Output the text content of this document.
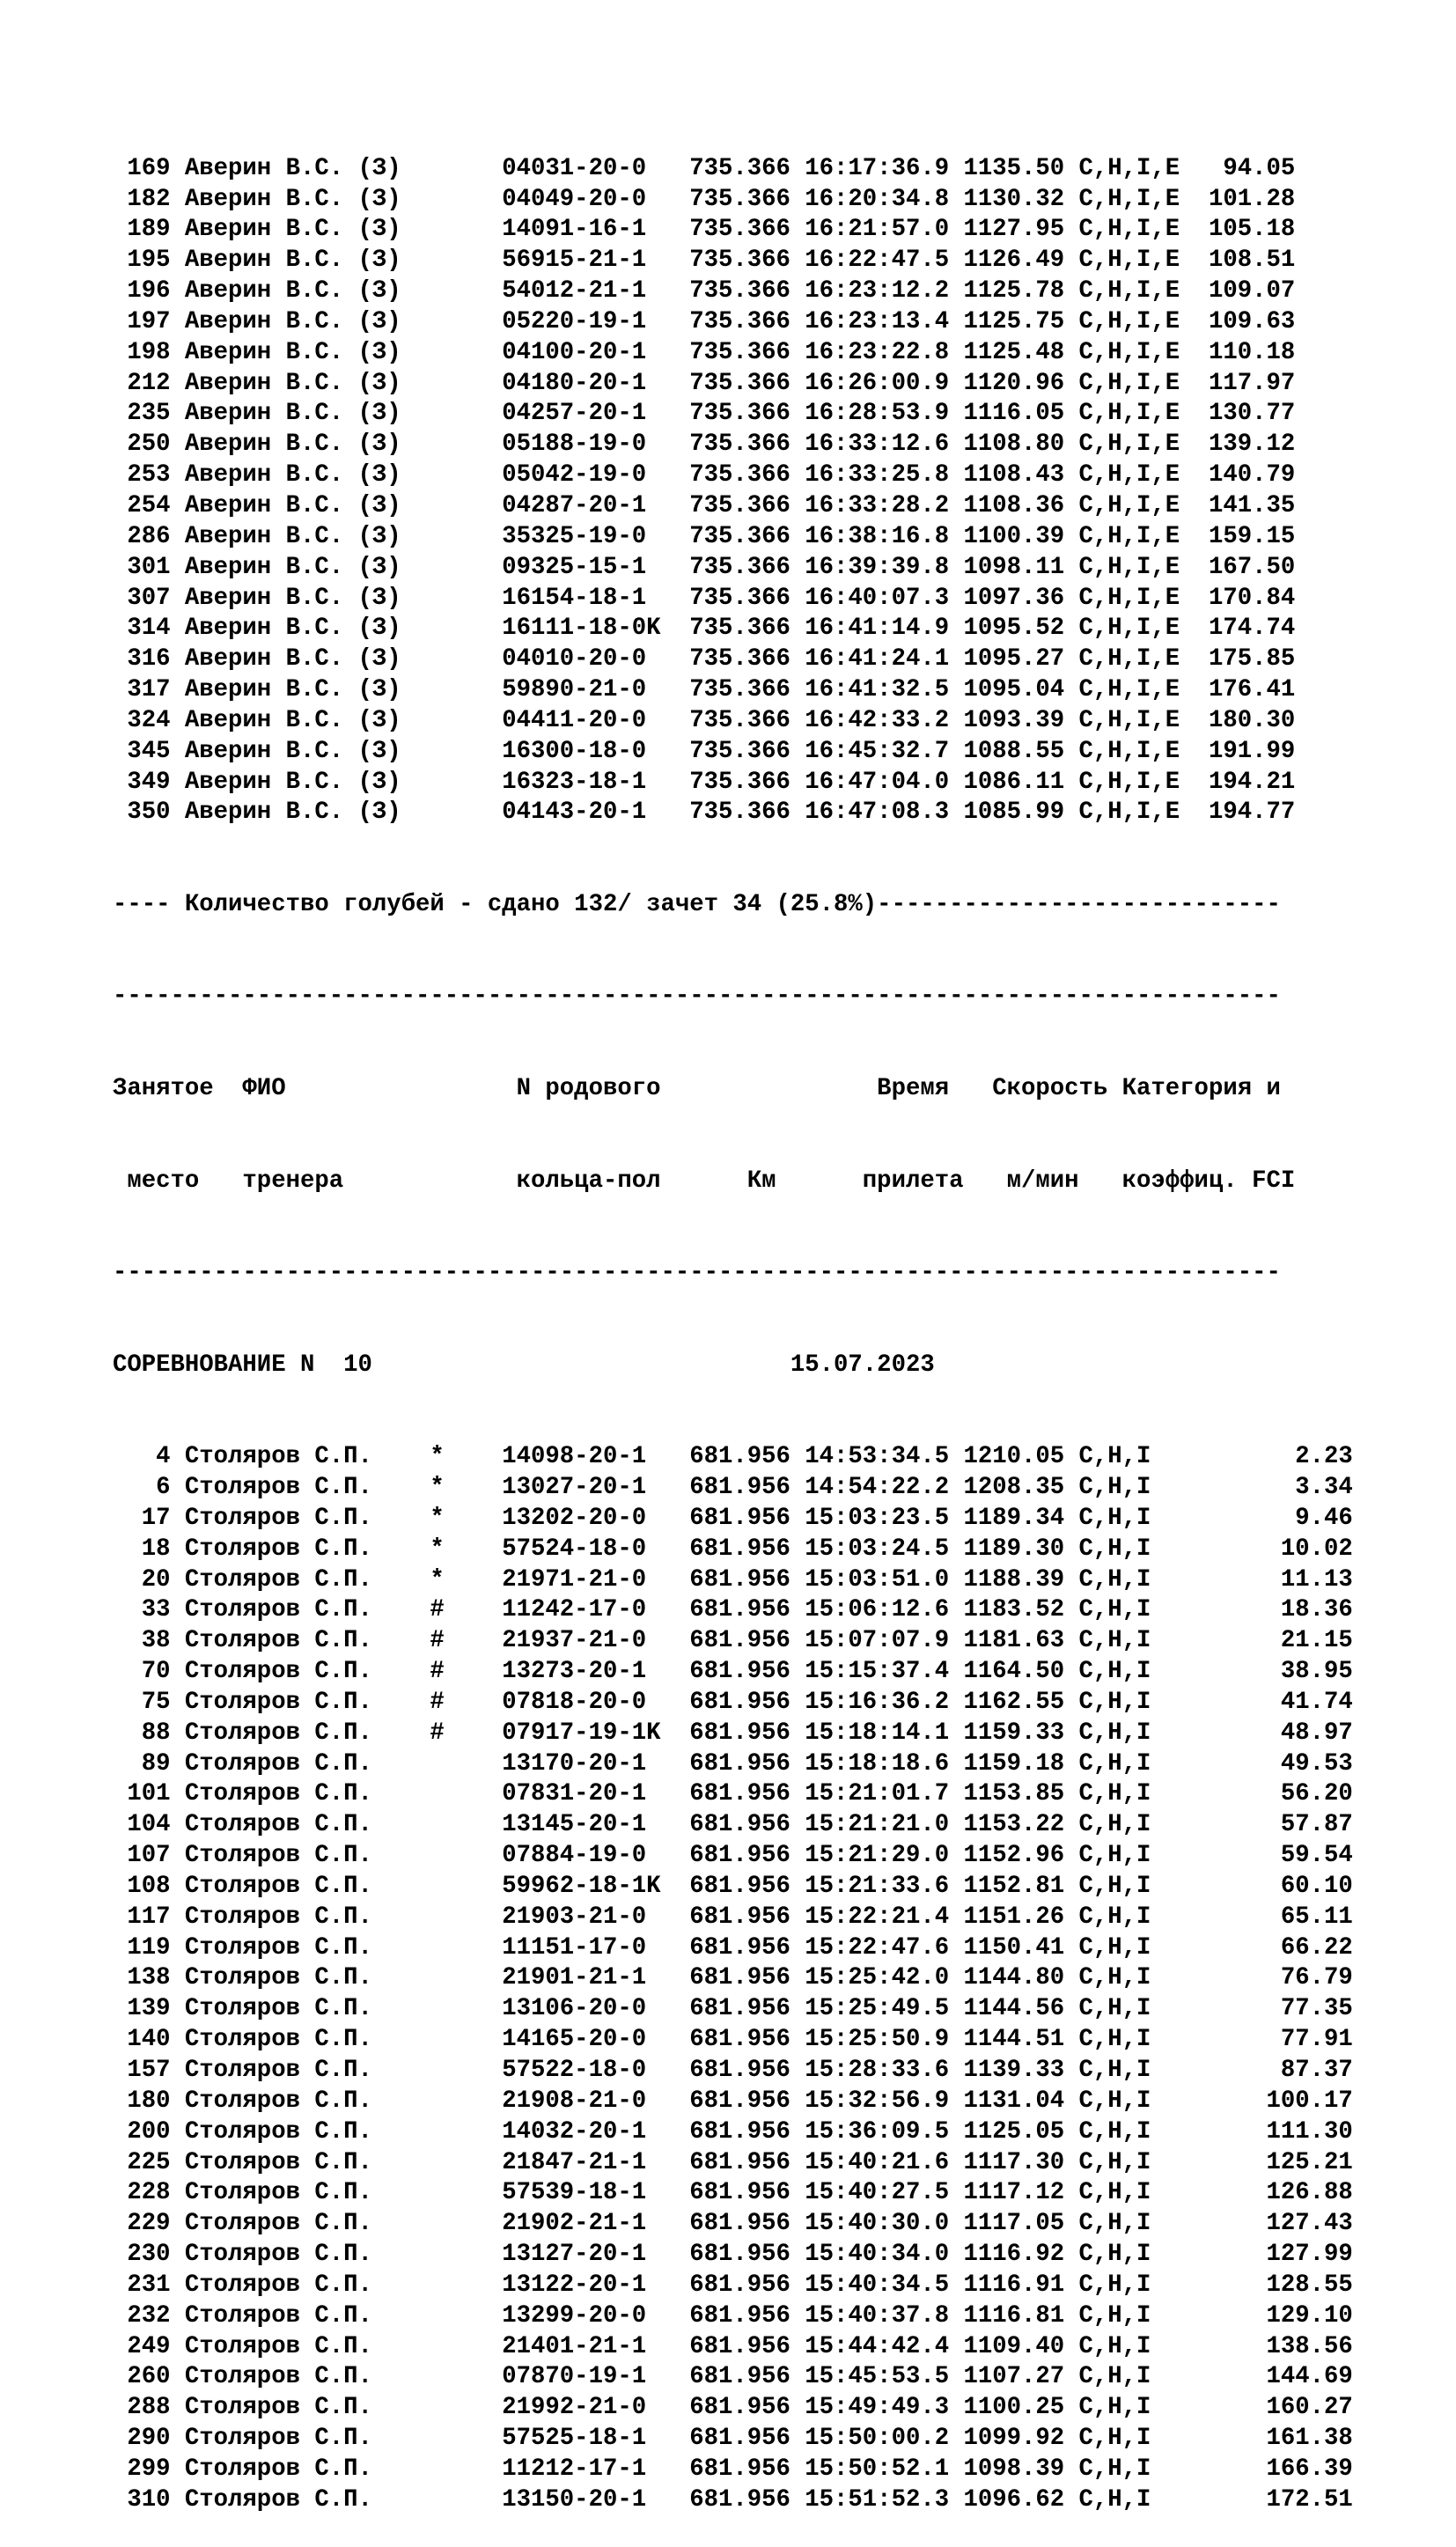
169 Аверин В.С. (З)       04031-20-0   735.366 16:17:36.9 1135.50 C,H,I,E   94.05
182 Аверин В.С. (З)       04049-20-0   735.366 16:20:34.8 1130.32 C,H,I,E  101.28
189 Аверин В.С. (З)       14091-16-1   735.366 16:21:57.0 1127.95 C,H,I,E  105.18
195 Аверин В.С. (З)       56915-21-1   735.366 16:22:47.5 1126.49 C,H,I,E  108.51
196 Аверин В.С. (З)       54012-21-1   735.366 16:23:12.2 1125.78 C,H,I,E  109.07
197 Аверин В.С. (З)       05220-19-1   735.366 16:23:13.4 1125.75 C,H,I,E  109.63
198 Аверин В.С. (З)       04100-20-1   735.366 16:23:22.8 1125.48 C,H,I,E  110.18
212 Аверин В.С. (З)       04180-20-1   735.366 16:26:00.9 1120.96 C,H,I,E  117.97
235 Аверин В.С. (З)       04257-20-1   735.366 16:28:53.9 1116.05 C,H,I,E  130.77
250 Аверин В.С. (З)       05188-19-0   735.366 16:33:12.6 1108.80 C,H,I,E  139.12
253 Аверин В.С. (З)       05042-19-0   735.366 16:33:25.8 1108.43 C,H,I,E  140.79
254 Аверин В.С. (З)       04287-20-1   735.366 16:33:28.2 1108.36 C,H,I,E  141.35
286 Аверин В.С. (З)       35325-19-0   735.366 16:38:16.8 1100.39 C,H,I,E  159.15
301 Аверин В.С. (З)       09325-15-1   735.366 16:39:39.8 1098.11 C,H,I,E  167.50
307 Аверин В.С. (З)       16154-18-1   735.366 16:40:07.3 1097.36 C,H,I,E  170.84
314 Аверин В.С. (З)       16111-18-0K  735.366 16:41:14.9 1095.52 C,H,I,E  174.74
316 Аверин В.С. (З)       04010-20-0   735.366 16:41:24.1 1095.27 C,H,I,E  175.85
317 Аверин В.С. (З)       59890-21-0   735.366 16:41:32.5 1095.04 C,H,I,E  176.41
324 Аверин В.С. (З)       04411-20-0   735.366 16:42:33.2 1093.39 C,H,I,E  180.30
345 Аверин В.С. (З)       16300-18-0   735.366 16:45:32.7 1088.55 C,H,I,E  191.99
349 Аверин В.С. (З)       16323-18-1   735.366 16:47:04.0 1086.11 C,H,I,E  194.21
350 Аверин В.С. (З)       04143-20-1   735.366 16:47:08.3 1085.99 C,H,I,E  194.77

---- Количество голубей - сдано 132/ зачет 34 (25.8%)----------------------------

---------------------------------------------------------------------------------

Занятое  ФИО                N родового               Время   Скорость Категория и

место   тренера            кольца-пол      Км      прилета   м/мин   коэффиц. FCI

---------------------------------------------------------------------------------

СОРЕВНОВАНИЕ N  10                             15.07.2023

4 Столяров С.П.    *    14098-20-1   681.956 14:53:34.5 1210.05 C,H,I          2.23
6 Столяров С.П.    *    13027-20-1   681.956 14:54:22.2 1208.35 C,H,I          3.34
17 Столяров С.П.    *    13202-20-0   681.956 15:03:23.5 1189.34 C,H,I          9.46
18 Столяров С.П.    *    57524-18-0   681.956 15:03:24.5 1189.30 C,H,I         10.02
20 Столяров С.П.    *    21971-21-0   681.956 15:03:51.0 1188.39 C,H,I         11.13
33 Столяров С.П.    #    11242-17-0   681.956 15:06:12.6 1183.52 C,H,I         18.36
38 Столяров С.П.    #    21937-21-0   681.956 15:07:07.9 1181.63 C,H,I         21.15
70 Столяров С.П.    #    13273-20-1   681.956 15:15:37.4 1164.50 C,H,I         38.95
75 Столяров С.П.    #    07818-20-0   681.956 15:16:36.2 1162.55 C,H,I         41.74
88 Столяров С.П.    #    07917-19-1K  681.956 15:18:14.1 1159.33 C,H,I         48.97
89 Столяров С.П.         13170-20-1   681.956 15:18:18.6 1159.18 C,H,I         49.53
101 Столяров С.П.         07831-20-1   681.956 15:21:01.7 1153.85 C,H,I         56.20
104 Столяров С.П.         13145-20-1   681.956 15:21:21.0 1153.22 C,H,I         57.87
107 Столяров С.П.         07884-19-0   681.956 15:21:29.0 1152.96 C,H,I         59.54
108 Столяров С.П.         59962-18-1K  681.956 15:21:33.6 1152.81 C,H,I         60.10
117 Столяров С.П.         21903-21-0   681.956 15:22:21.4 1151.26 C,H,I         65.11
119 Столяров С.П.         11151-17-0   681.956 15:22:47.6 1150.41 C,H,I         66.22
138 Столяров С.П.         21901-21-1   681.956 15:25:42.0 1144.80 C,H,I         76.79
139 Столяров С.П.         13106-20-0   681.956 15:25:49.5 1144.56 C,H,I         77.35
140 Столяров С.П.         14165-20-0   681.956 15:25:50.9 1144.51 C,H,I         77.91
157 Столяров С.П.         57522-18-0   681.956 15:28:33.6 1139.33 C,H,I         87.37
180 Столяров С.П.         21908-21-0   681.956 15:32:56.9 1131.04 C,H,I        100.17
200 Столяров С.П.         14032-20-1   681.956 15:36:09.5 1125.05 C,H,I        111.30
225 Столяров С.П.         21847-21-1   681.956 15:40:21.6 1117.30 C,H,I        125.21
228 Столяров С.П.         57539-18-1   681.956 15:40:27.5 1117.12 C,H,I        126.88
229 Столяров С.П.         21902-21-1   681.956 15:40:30.0 1117.05 C,H,I        127.43
230 Столяров С.П.         13127-20-1   681.956 15:40:34.0 1116.92 C,H,I        127.99
231 Столяров С.П.         13122-20-1   681.956 15:40:34.5 1116.91 C,H,I        128.55
232 Столяров С.П.         13299-20-0   681.956 15:40:37.8 1116.81 C,H,I        129.10
249 Столяров С.П.         21401-21-1   681.956 15:44:42.4 1109.40 C,H,I        138.56
260 Столяров С.П.         07870-19-1   681.956 15:45:53.5 1107.27 C,H,I        144.69
288 Столяров С.П.         21992-21-0   681.956 15:49:49.3 1100.25 C,H,I        160.27
290 Столяров С.П.         57525-18-1   681.956 15:50:00.2 1099.92 C,H,I        161.38
299 Столяров С.П.         11212-17-1   681.956 15:50:52.1 1098.39 C,H,I        166.39
310 Столяров С.П.         13150-20-1   681.956 15:51:52.3 1096.62 C,H,I        172.51
